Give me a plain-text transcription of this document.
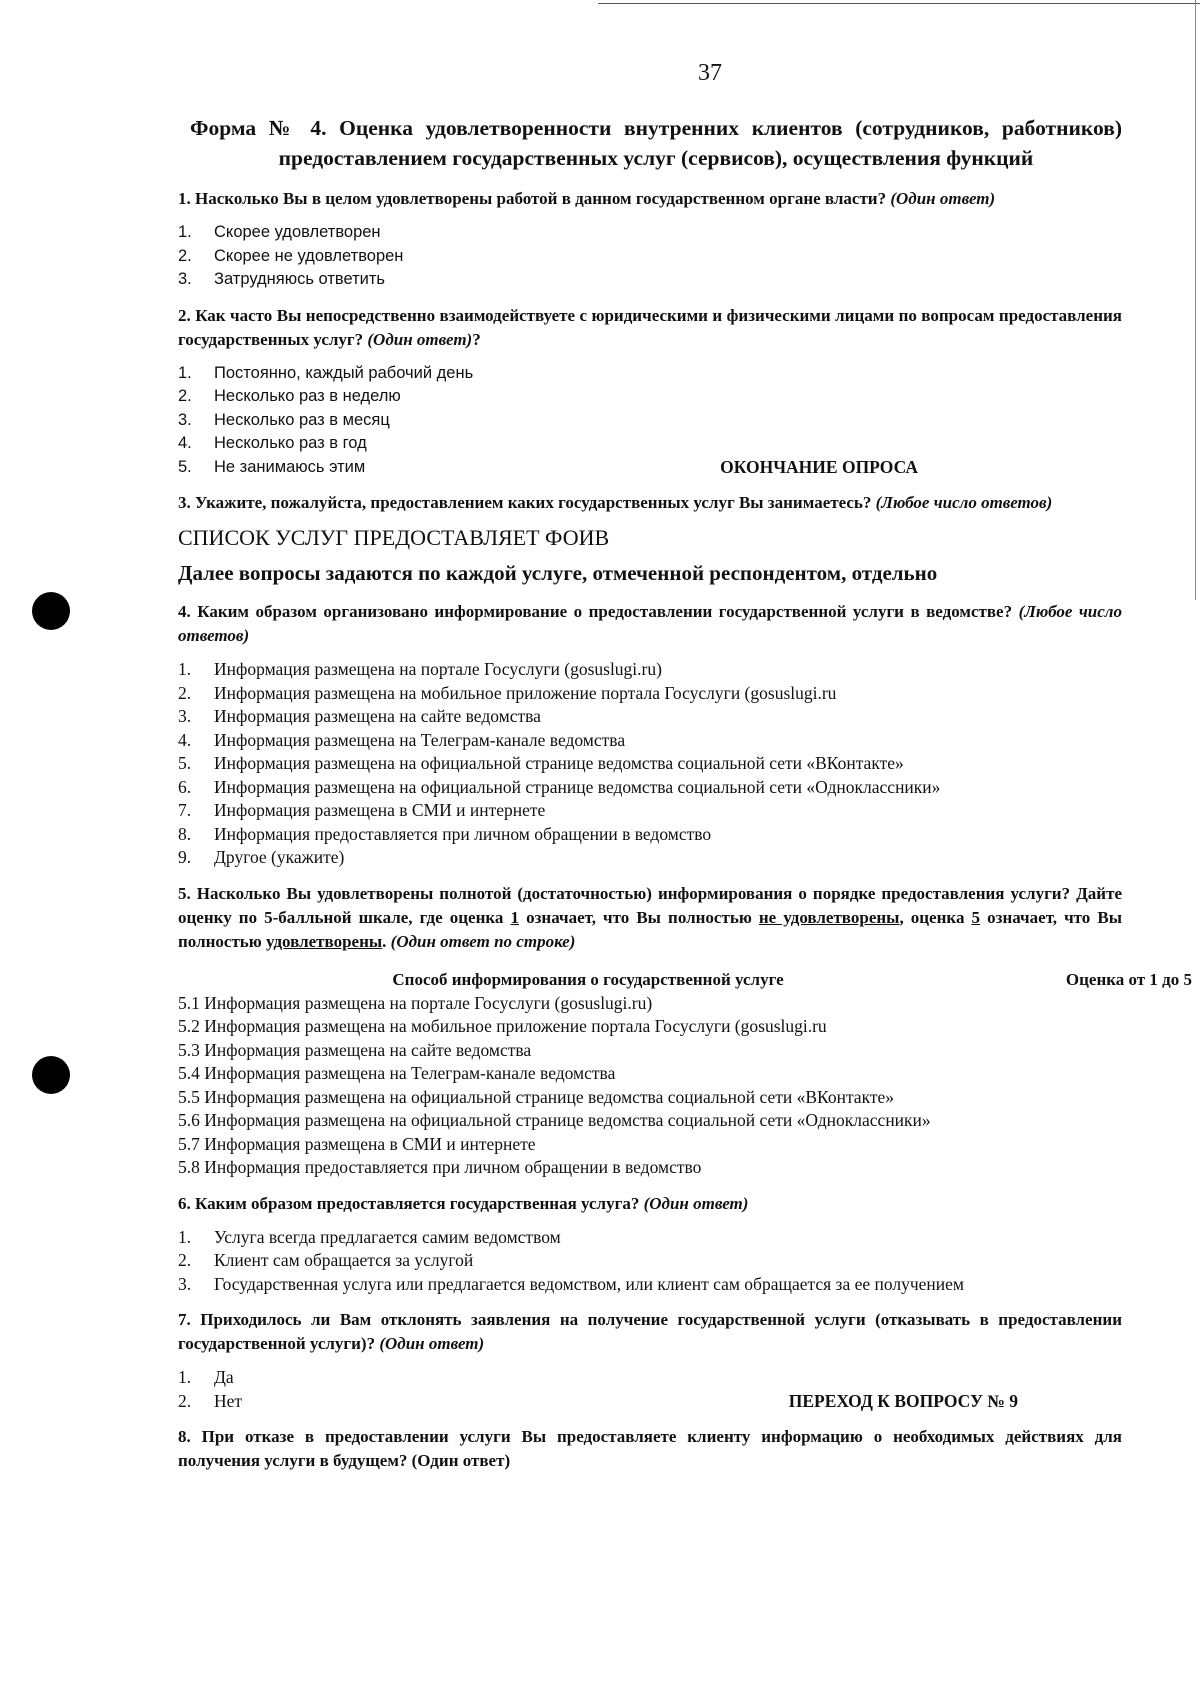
37
Форма № 4. Оценка удовлетворенности внутренних клиентов (сотрудников, работников) предоставлением государственных услуг (сервисов), осуществления функций
1. Насколько Вы в целом удовлетворены работой в данном государственном органе власти? (Один ответ)
1.	Скорее удовлетворен
2.	Скорее не удовлетворен
3.	Затрудняюсь ответить
2. Как часто Вы непосредственно взаимодействуете с юридическими и физическими лицами по вопросам предоставления государственных услуг? (Один ответ)?
1.	Постоянно, каждый рабочий день
2.	Несколько раз в неделю
3.	Несколько раз в месяц
4.	Несколько раз в год
5.	Не занимаюсь этим	ОКОНЧАНИЕ ОПРОСА
3. Укажите, пожалуйста, предоставлением каких государственных услуг Вы занимаетесь? (Любое число ответов)
СПИСОК УСЛУГ ПРЕДОСТАВЛЯЕТ ФОИВ
Далее вопросы задаются по каждой услуге, отмеченной респондентом, отдельно
4. Каким образом организовано информирование о предоставлении государственной услуги в ведомстве? (Любое число ответов)
1.	Информация размещена на портале Госуслуги (gosuslugi.ru)
2.	Информация размещена на мобильное приложение портала Госуслуги (gosuslugi.ru
3.	Информация размещена на сайте ведомства
4.	Информация размещена на Телеграм-канале ведомства
5.	Информация размещена на официальной странице ведомства социальной сети «ВКонтакте»
6.	Информация размещена на официальной странице ведомства социальной сети «Одноклассники»
7.	Информация размещена в СМИ и интернете
8.	Информация предоставляется при личном обращении в ведомство
9.	Другое (укажите)
5. Насколько Вы удовлетворены полнотой (достаточностью) информирования о порядке предоставления услуги? Дайте оценку по 5-балльной шкале, где оценка 1 означает, что Вы полностью не удовлетворены, оценка 5 означает, что Вы полностью удовлетворены. (Один ответ по строке)
Способ информирования о государственной услуге	Оценка от 1 до 5
5.1 Информация размещена на портале Госуслуги (gosuslugi.ru)
5.2 Информация размещена на мобильное приложение портала Госуслуги (gosuslugi.ru
5.3 Информация размещена на сайте ведомства
5.4 Информация размещена на Телеграм-канале ведомства
5.5 Информация размещена на официальной странице ведомства социальной сети «ВКонтакте»
5.6 Информация размещена на официальной странице ведомства социальной сети «Одноклассники»
5.7 Информация размещена в СМИ и интернете
5.8 Информация предоставляется при личном обращении в ведомство
6. Каким образом предоставляется государственная услуга? (Один ответ)
1.	Услуга всегда предлагается самим ведомством
2.	Клиент сам обращается за услугой
3.	Государственная услуга или предлагается ведомством, или клиент сам обращается за ее получением
7. Приходилось ли Вам отклонять заявления на получение государственной услуги (отказывать в предоставлении государственной услуги)? (Один ответ)
1.	Да
2.	Нет	ПЕРЕХОД К ВОПРОСУ № 9
8. При отказе в предоставлении услуги Вы предоставляете клиенту информацию о необходимых действиях для получения услуги в будущем? (Один ответ)
